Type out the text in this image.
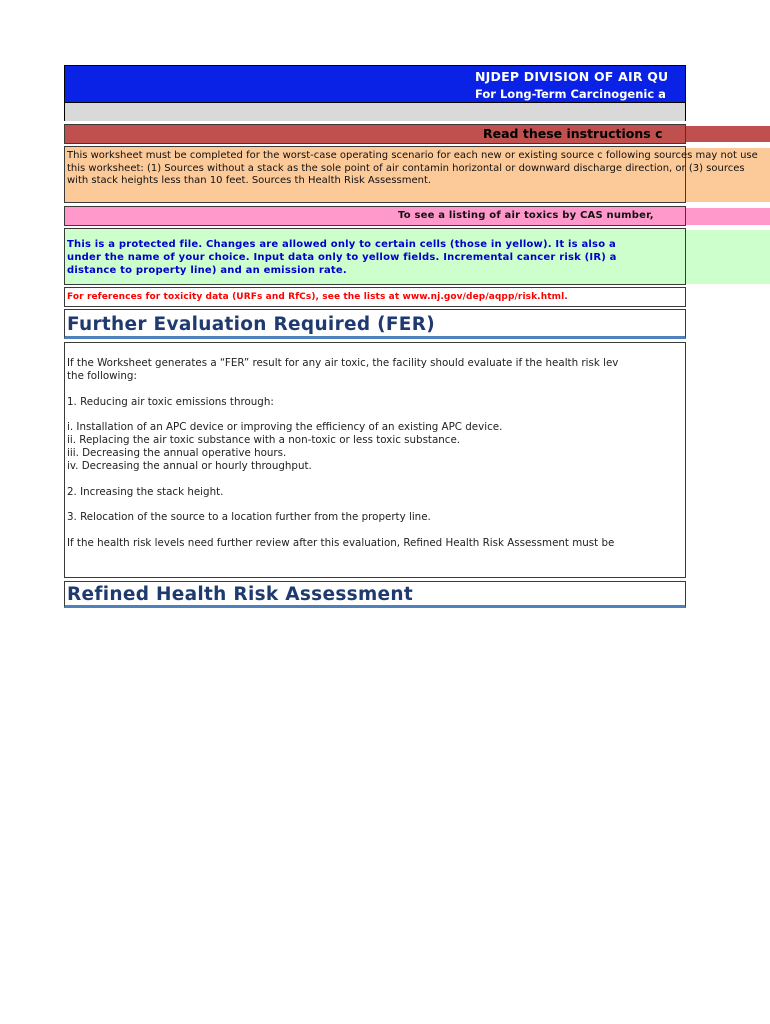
NJDEP DIVISION OF AIR QU
For Long-Term Carcinogenic a
Read these instructions c

This worksheet must be completed for the worst-case operating scenario for each new or existing source c following sources may not use this worksheet: (1) Sources without a stack as the sole point of air contamin horizontal or downward discharge direction, or (3) sources with stack heights less than 10 feet. Sources th Health Risk Assessment.

To see a listing of air toxics by CAS number,

This is a protected file. Changes are allowed only to certain cells (those in yellow). It is also a
under the name of your choice. Input data only to yellow fields. Incremental cancer risk (IR) a
distance to property line) and an emission rate.

For references for toxicity data (URFs and RfCs), see the lists at www.nj.gov/dep/aqpp/risk.html.
Further Evaluation Required (FER)
If the Worksheet generates a “FER” result for any air toxic, the facility should evaluate if the health risk lev
the following:
1. Reducing air toxic emissions through:
i. Installation of an APC device or improving the efficiency of an existing APC device.
ii. Replacing the air toxic substance with a non-toxic or less toxic substance.
iii. Decreasing the annual operative hours.
iv. Decreasing the annual or hourly throughput.
2. Increasing the stack height.
3. Relocation of the source to a location further from the property line.
If the health risk levels need further review after this evaluation, Refined Health Risk Assessment must be
Refined Health Risk Assessment
